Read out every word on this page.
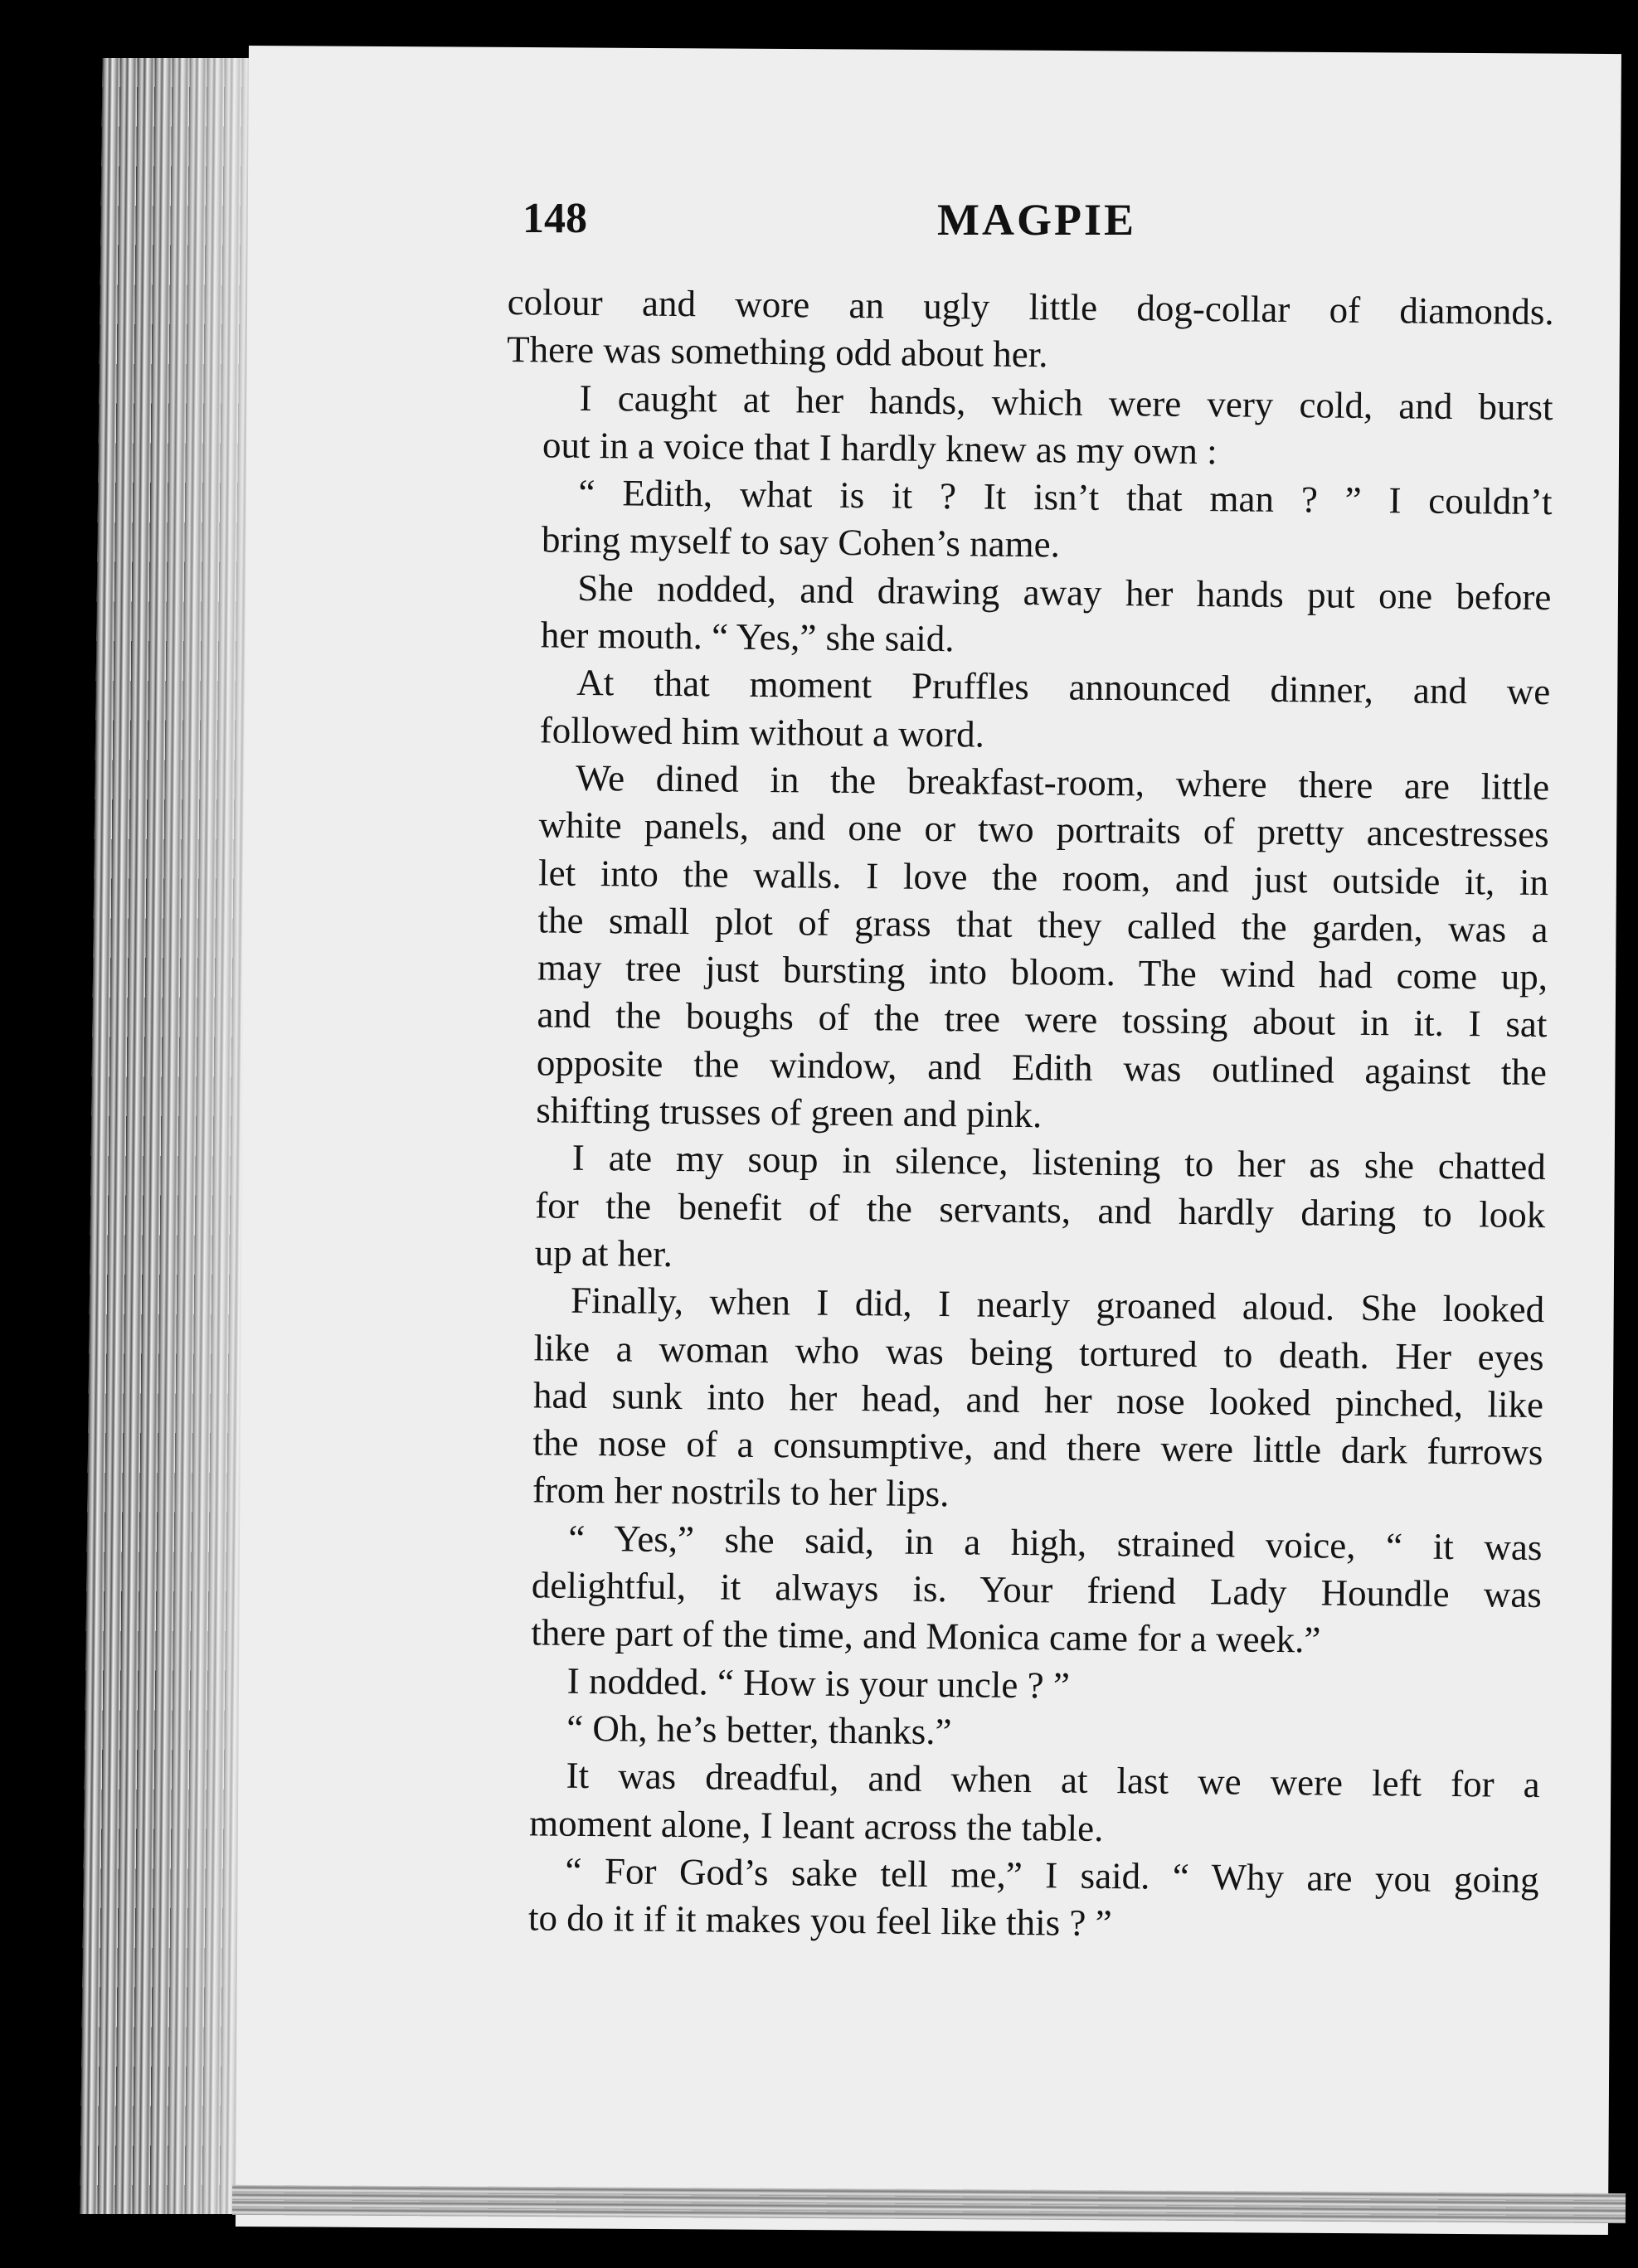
148	MAGPIE
colour and wore an ugly little dog-collar of diamonds.
There was something odd about her.
I caught at her hands, which were very cold, and burst
out in a voice that I hardly knew as my own :
“ Edith, what is it ? It isn’t that man ? ” I couldn’t
bring myself to say Cohen’s name.
She nodded, and drawing away her hands put one before
her mouth. “ Yes,” she said.
At that moment Pruffles announced dinner, and we
followed him without a word.
We dined in the breakfast-room, where there are little
white panels, and one or two portraits of pretty ancestresses
let into the walls. I love the room, and just outside it, in
the small plot of grass that they called the garden, was a
may tree just bursting into bloom. The wind had come up,
and the boughs of the tree were tossing about in it. I sat
opposite the window, and Edith was outlined against the
shifting trusses of green and pink.
I ate my soup in silence, listening to her as she chatted
for the benefit of the servants, and hardly daring to look
up at her.
Finally, when I did, I nearly groaned aloud. She looked
like a woman who was being tortured to death. Her eyes
had sunk into her head, and her nose looked pinched, like
the nose of a consumptive, and there were little dark furrows
from her nostrils to her lips.
“ Yes,” she said, in a high, strained voice, “ it was
delightful, it always is. Your friend Lady Houndle was
there part of the time, and Monica came for a week.”
I nodded. “ How is your uncle ? ”
“ Oh, he’s better, thanks.”
It was dreadful, and when at last we were left for a
moment alone, I leant across the table.
“ For God’s sake tell me,” I said. “ Why are you going
to do it if it makes you feel like this ? ”
